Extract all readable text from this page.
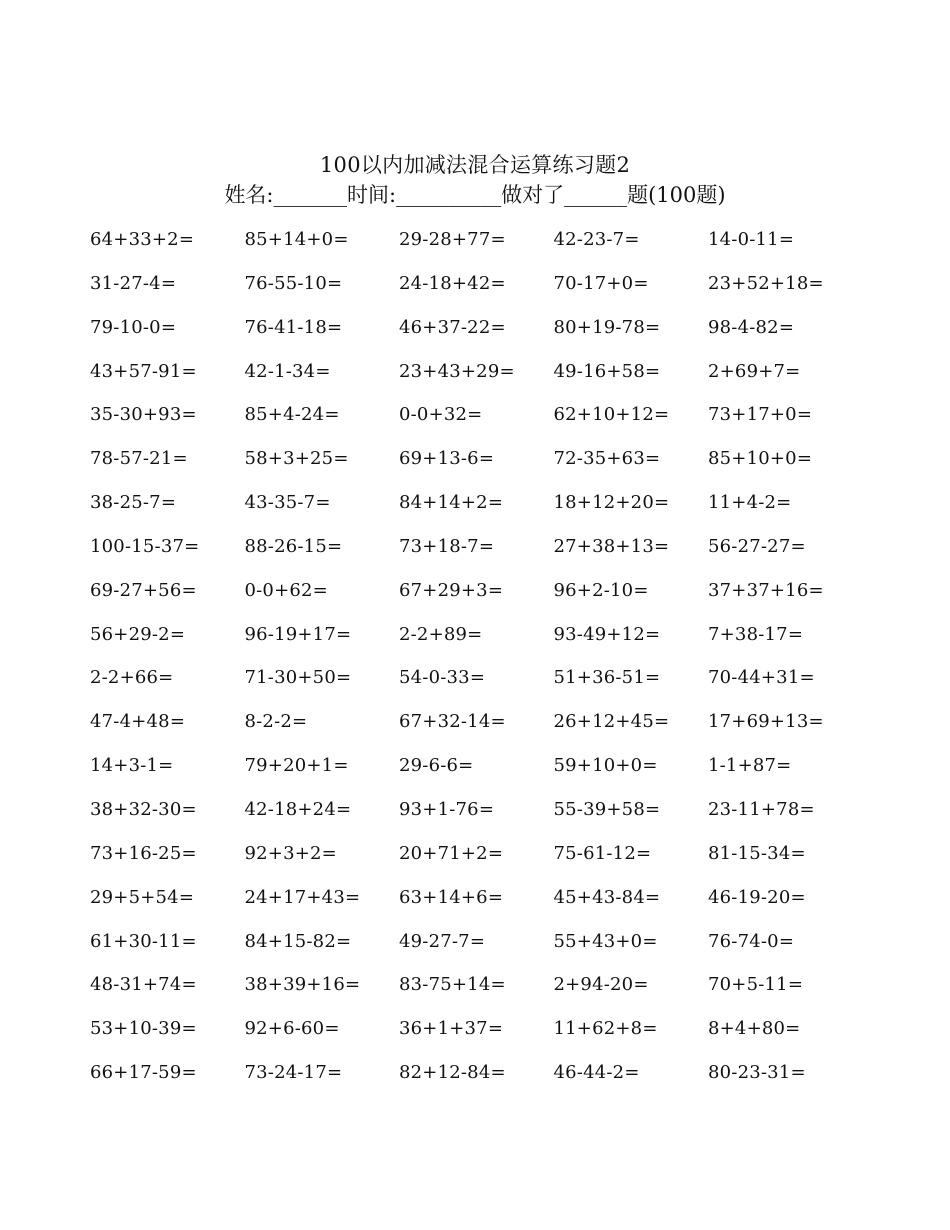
100以内加减法混合运算练习题2
姓名:_______时间:__________做对了______题(100题)
64+33+2=	85+14+0=	29-28+77=	42-23-7=	14-0-11=
31-27-4=	76-55-10=	24-18+42=	70-17+0=	23+52+18=
79-10-0=	76-41-18=	46+37-22=	80+19-78=	98-4-82=
43+57-91=	42-1-34=	23+43+29=	49-16+58=	2+69+7=
35-30+93=	85+4-24=	0-0+32=	62+10+12=	73+17+0=
78-57-21=	58+3+25=	69+13-6=	72-35+63=	85+10+0=
38-25-7=	43-35-7=	84+14+2=	18+12+20=	11+4-2=
100-15-37=	88-26-15=	73+18-7=	27+38+13=	56-27-27=
69-27+56=	0-0+62=	67+29+3=	96+2-10=	37+37+16=
56+29-2=	96-19+17=	2-2+89=	93-49+12=	7+38-17=
2-2+66=	71-30+50=	54-0-33=	51+36-51=	70-44+31=
47-4+48=	8-2-2=	67+32-14=	26+12+45=	17+69+13=
14+3-1=	79+20+1=	29-6-6=	59+10+0=	1-1+87=
38+32-30=	42-18+24=	93+1-76=	55-39+58=	23-11+78=
73+16-25=	92+3+2=	20+71+2=	75-61-12=	81-15-34=
29+5+54=	24+17+43=	63+14+6=	45+43-84=	46-19-20=
61+30-11=	84+15-82=	49-27-7=	55+43+0=	76-74-0=
48-31+74=	38+39+16=	83-75+14=	2+94-20=	70+5-11=
53+10-39=	92+6-60=	36+1+37=	11+62+8=	8+4+80=
66+17-59=	73-24-17=	82+12-84=	46-44-2=	80-23-31=
